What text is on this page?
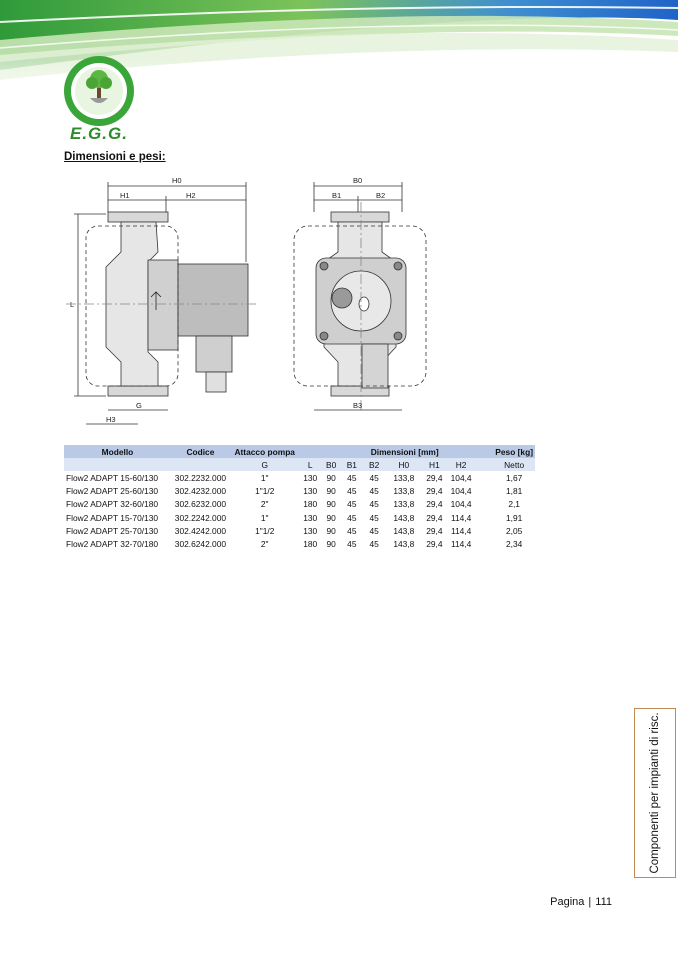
E.G.G.
Dimensioni e pesi:
H0
H1	H2
L
G
H3
B0
B1	B2
B3
Modello	Codice	Attacco pompa				Dimensioni [mm]					Peso [kg]
		G	L	B0	B1	B2	H0	H1	H2		Netto
Flow2 ADAPT 15-60/130	302.2232.000	1"	130	90	45	45	133,8	29,4	104,4		1,67
Flow2 ADAPT 25-60/130	302.4232.000	1"1/2	130	90	45	45	133,8	29,4	104,4		1,81
Flow2 ADAPT 32-60/180	302.6232.000	2"	180	90	45	45	133,8	29,4	104,4		2,1
Flow2 ADAPT 15-70/130	302.2242.000	1"	130	90	45	45	143,8	29,4	114,4		1,91
Flow2 ADAPT 25-70/130	302.4242.000	1"1/2	130	90	45	45	143,8	29,4	114,4		2,05
Flow2 ADAPT 32-70/180	302.6242.000	2"	180	90	45	45	143,8	29,4	114,4		2,34
Componenti per impianti di risc.
Pagina | 111
